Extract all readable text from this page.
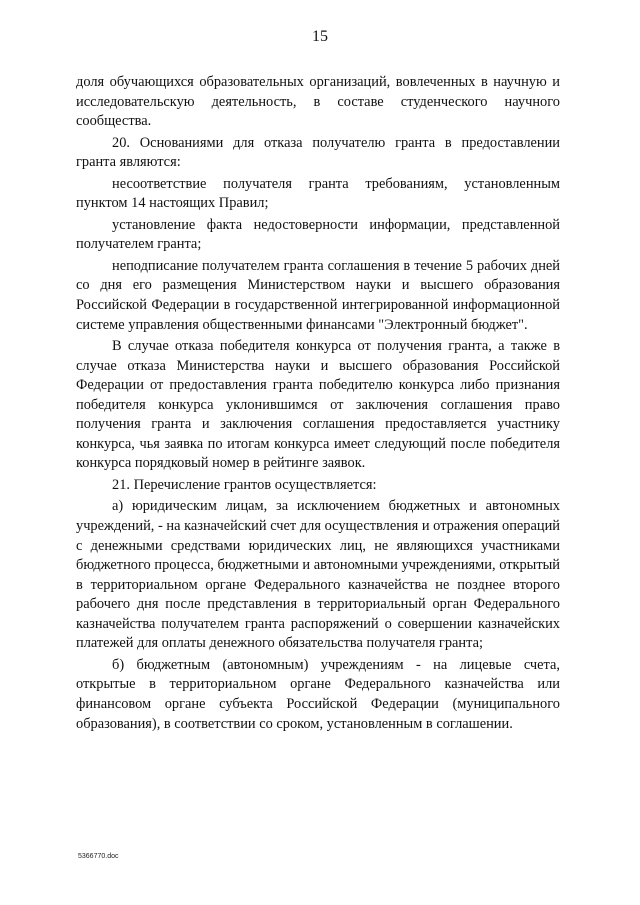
15

доля обучающихся образовательных организаций, вовлеченных в научную и исследовательскую деятельность, в составе студенческого научного сообщества.

20. Основаниями для отказа получателю гранта в предоставлении гранта являются:

несоответствие получателя гранта требованиям, установленным пунктом 14 настоящих Правил;

установление факта недостоверности информации, представленной получателем гранта;

неподписание получателем гранта соглашения в течение 5 рабочих дней со дня его размещения Министерством науки и высшего образования Российской Федерации в государственной интегрированной информационной системе управления общественными финансами "Электронный бюджет".

В случае отказа победителя конкурса от получения гранта, а также в случае отказа Министерства науки и высшего образования Российской Федерации от предоставления гранта победителю конкурса либо признания победителя конкурса уклонившимся от заключения соглашения право получения гранта и заключения соглашения предоставляется участнику конкурса, чья заявка по итогам конкурса имеет следующий после победителя конкурса порядковый номер в рейтинге заявок.

21. Перечисление грантов осуществляется:

а) юридическим лицам, за исключением бюджетных и автономных учреждений, - на казначейский счет для осуществления и отражения операций с денежными средствами юридических лиц, не являющихся участниками бюджетного процесса, бюджетными и автономными учреждениями, открытый в территориальном органе Федерального казначейства не позднее второго рабочего дня после представления в территориальный орган Федерального казначейства получателем гранта распоряжений о совершении казначейских платежей для оплаты денежного обязательства получателя гранта;

б) бюджетным (автономным) учреждениям - на лицевые счета, открытые в территориальном органе Федерального казначейства или финансовом органе субъекта Российской Федерации (муниципального образования), в соответствии со сроком, установленным в соглашении.

5366770.doc
